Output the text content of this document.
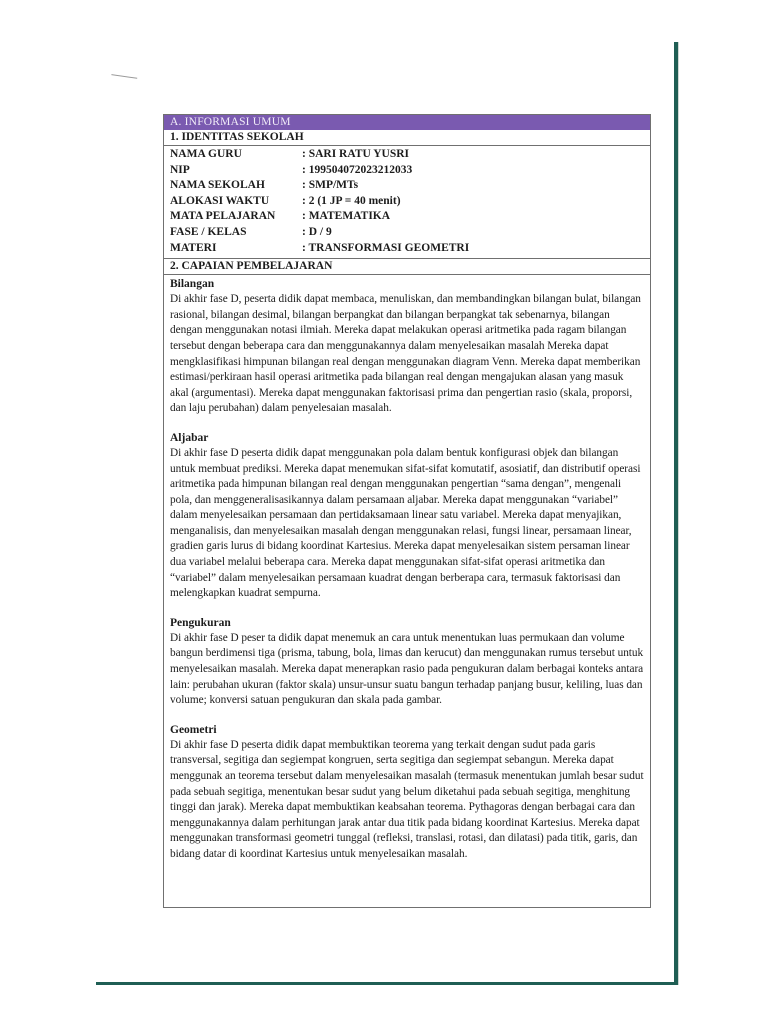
A. INFORMASI UMUM
1. IDENTITAS SEKOLAH
NAMA GURU	: SARI RATU YUSRI
NIP	: 199504072023212033
NAMA SEKOLAH	: SMP/MTs
ALOKASI WAKTU	: 2 (1 JP = 40 menit)
MATA PELAJARAN	: MATEMATIKA
FASE / KELAS	: D / 9
MATERI	: TRANSFORMASI GEOMETRI
2. CAPAIAN PEMBELAJARAN
Bilangan

Di akhir fase D, peserta didik dapat membaca, menuliskan, dan membandingkan bilangan bulat, bilangan rasional, bilangan desimal, bilangan berpangkat dan bilangan berpangkat tak sebenarnya, bilangan dengan menggunakan notasi ilmiah. Mereka dapat melakukan operasi aritmetika pada ragam bilangan tersebut dengan beberapa cara dan menggunakannya dalam menyelesaikan masalah Mereka dapat mengklasifikasi himpunan bilangan real dengan menggunakan diagram Venn. Mereka dapat memberikan estimasi/perkiraan hasil operasi aritmetika pada bilangan real dengan mengajukan alasan yang masuk akal (argumentasi). Mereka dapat menggunakan faktorisasi prima dan pengertian rasio (skala, proporsi, dan laju perubahan) dalam penyelesaian masalah.

Aljabar

Di akhir fase D peserta didik dapat menggunakan pola dalam bentuk konfigurasi objek dan bilangan untuk membuat prediksi. Mereka dapat menemukan sifat-sifat komutatif, asosiatif, dan distributif operasi aritmetika pada himpunan bilangan real dengan menggunakan pengertian “sama dengan”, mengenali pola, dan menggeneralisasikannya dalam persamaan aljabar. Mereka dapat menggunakan “variabel” dalam menyelesaikan persamaan dan pertidaksamaan linear satu variabel. Mereka dapat menyajikan, menganalisis, dan menyelesaikan masalah dengan menggunakan relasi, fungsi linear, persamaan linear, gradien garis lurus di bidang koordinat Kartesius. Mereka dapat menyelesaikan sistem persaman linear dua variabel melalui beberapa cara. Mereka dapat menggunakan sifat-sifat operasi aritmetika dan “variabel” dalam menyelesaikan persamaan kuadrat dengan berberapa cara, termasuk faktorisasi dan melengkapkan kuadrat sempurna.

Pengukuran

Di akhir fase D peser ta didik dapat menemuk an cara untuk menentukan luas permukaan dan volume bangun berdimensi tiga (prisma, tabung, bola, limas dan kerucut) dan menggunakan rumus tersebut untuk menyelesaikan masalah. Mereka dapat menerapkan rasio pada pengukuran dalam berbagai konteks antara lain: perubahan ukuran (faktor skala) unsur-unsur suatu bangun terhadap panjang busur, keliling, luas dan volume; konversi satuan pengukuran dan skala pada gambar.

Geometri

Di akhir fase D peserta didik dapat membuktikan teorema yang terkait dengan sudut pada garis transversal, segitiga dan segiempat kongruen, serta segitiga dan segiempat sebangun. Mereka dapat menggunak an teorema tersebut dalam menyelesaikan masalah (termasuk menentukan jumlah besar sudut pada sebuah segitiga, menentukan besar sudut yang belum diketahui pada sebuah segitiga, menghitung tinggi dan jarak). Mereka dapat membuktikan keabsahan teorema. Pythagoras dengan berbagai cara dan menggunakannya dalam perhitungan jarak antar dua titik pada bidang koordinat Kartesius. Mereka dapat menggunakan transformasi geometri tunggal (refleksi, translasi, rotasi, dan dilatasi) pada titik, garis, dan bidang datar di koordinat Kartesius untuk menyelesaikan masalah.
